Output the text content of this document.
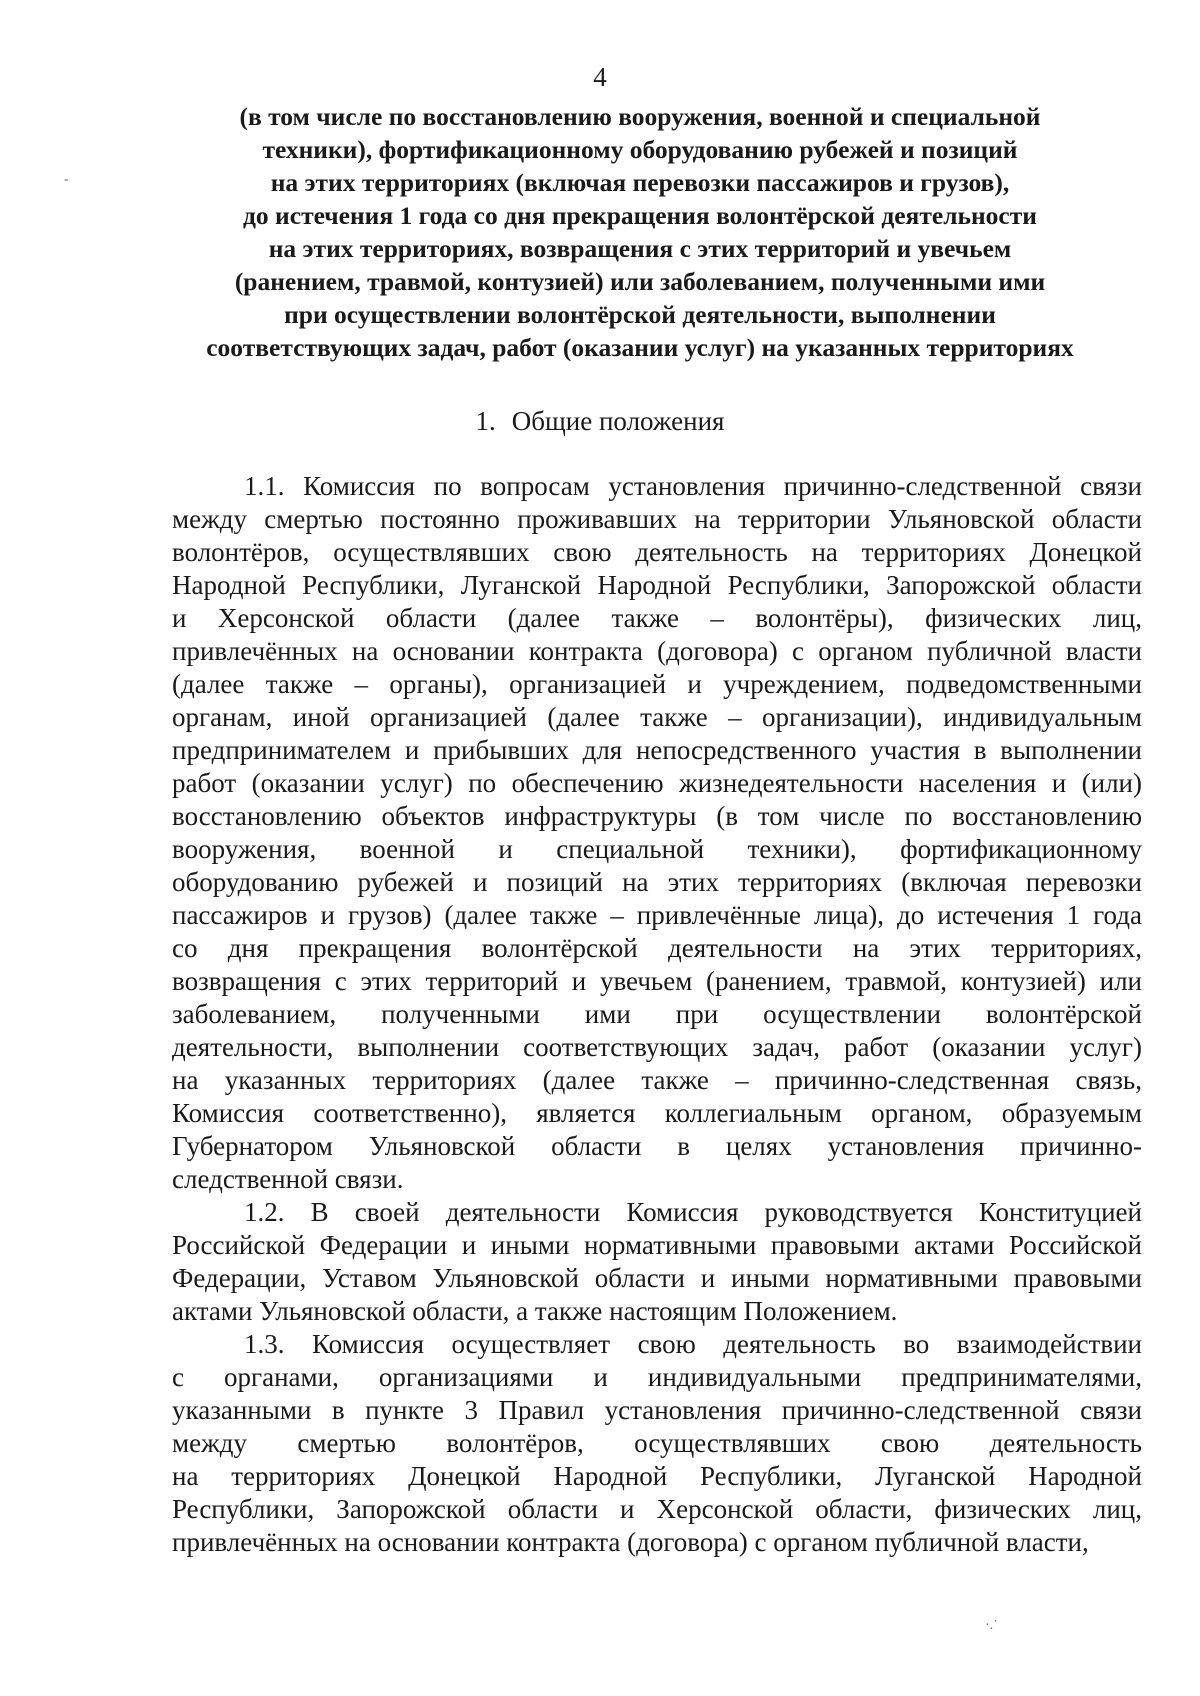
4
(в том числе по восстановлению вооружения, военной и специальной
техники), фортификационному оборудованию рубежей и позиций
на этих территориях (включая перевозки пассажиров и грузов),
до истечения 1 года со дня прекращения волонтёрской деятельности
на этих территориях, возвращения с этих территорий и увечьем
(ранением, травмой, контузией) или заболеванием, полученными ими
при осуществлении волонтёрской деятельности, выполнении
соответствующих задач, работ (оказании услуг) на указанных территориях
1. Общие положения
1.1. Комиссия по вопросам установления причинно-следственной связи
между смертью постоянно проживавших на территории Ульяновской области
волонтёров, осуществлявших свою деятельность на территориях Донецкой
Народной Республики, Луганской Народной Республики, Запорожской области
и Херсонской области (далее также – волонтёры), физических лиц,
привлечённых на основании контракта (договора) с органом публичной власти
(далее также – органы), организацией и учреждением, подведомственными
органам, иной организацией (далее также – организации), индивидуальным
предпринимателем и прибывших для непосредственного участия в выполнении
работ (оказании услуг) по обеспечению жизнедеятельности населения и (или)
восстановлению объектов инфраструктуры (в том числе по восстановлению
вооружения, военной и специальной техники), фортификационному
оборудованию рубежей и позиций на этих территориях (включая перевозки
пассажиров и грузов) (далее также – привлечённые лица), до истечения 1 года
со дня прекращения волонтёрской деятельности на этих территориях,
возвращения с этих территорий и увечьем (ранением, травмой, контузией) или
заболеванием, полученными ими при осуществлении волонтёрской
деятельности, выполнении соответствующих задач, работ (оказании услуг)
на указанных территориях (далее также – причинно-следственная связь,
Комиссия соответственно), является коллегиальным органом, образуемым
Губернатором Ульяновской области в целях установления причинно-
следственной связи.
1.2. В своей деятельности Комиссия руководствуется Конституцией
Российской Федерации и иными нормативными правовыми актами Российской
Федерации, Уставом Ульяновской области и иными нормативными правовыми
актами Ульяновской области, а также настоящим Положением.
1.3. Комиссия осуществляет свою деятельность во взаимодействии
с органами, организациями и индивидуальными предпринимателями,
указанными в пункте 3 Правил установления причинно-следственной связи
между смертью волонтёров, осуществлявших свою деятельность
на территориях Донецкой Народной Республики, Луганской Народной
Республики, Запорожской области и Херсонской области, физических лиц,
привлечённых на основании контракта (договора) с органом публичной власти,
-
·.˙
